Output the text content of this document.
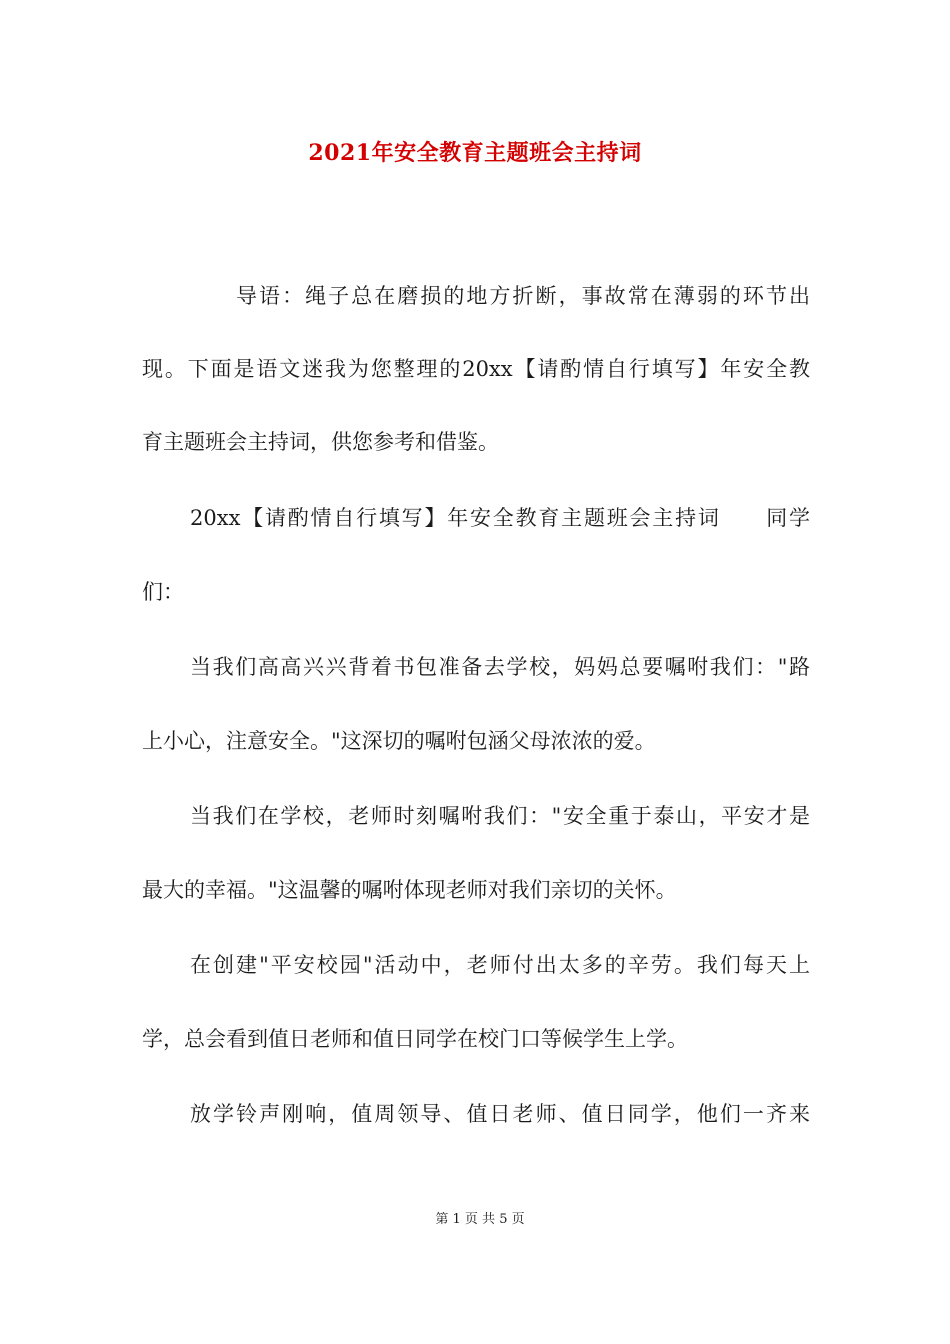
2021年安全教育主题班会主持词
导语：绳子总在磨损的地方折断，事故常在薄弱的环节出
现。下面是语文迷我为您整理的20xx【请酌情自行填写】年安全教
育主题班会主持词，供您参考和借鉴。
20xx【请酌情自行填写】年安全教育主题班会主持词　　同学
们：
当我们高高兴兴背着书包准备去学校，妈妈总要嘱咐我们："路
上小心，注意安全。"这深切的嘱咐包涵父母浓浓的爱。
当我们在学校，老师时刻嘱咐我们："安全重于泰山，平安才是
最大的幸福。"这温馨的嘱咐体现老师对我们亲切的关怀。
在创建"平安校园"活动中，老师付出太多的辛劳。我们每天上
学，总会看到值日老师和值日同学在校门口等候学生上学。
放学铃声刚响，值周领导、值日老师、值日同学，他们一齐来
第 1 页 共 5 页
